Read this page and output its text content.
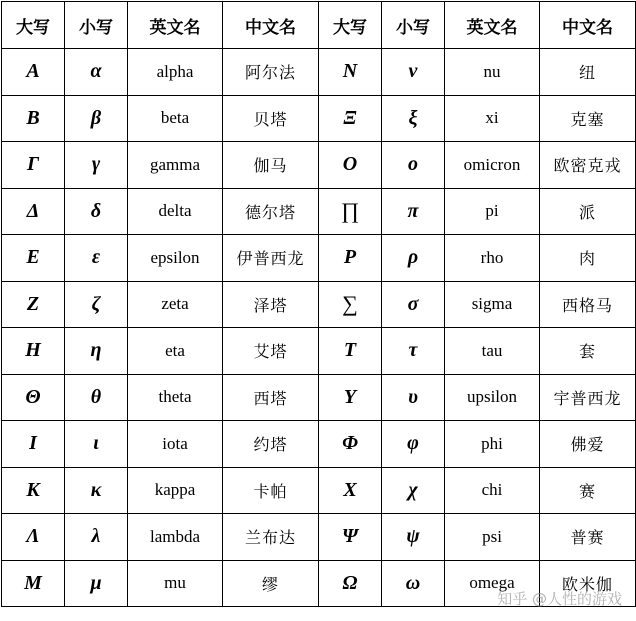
大写	小写	英文名	中文名	大写	小写	英文名	中文名
Α	α	alpha	阿尔法	Ν	ν	nu	纽
Β	β	beta	贝塔	Ξ	ξ	xi	克塞
Γ	γ	gamma	伽马	Ο	ο	omicron	欧密克戎
Δ	δ	delta	德尔塔	∏	π	pi	派
Ε	ε	epsilon	伊普西龙	Ρ	ρ	rho	肉
Ζ	ζ	zeta	泽塔	∑	σ	sigma	西格马
Η	η	eta	艾塔	Τ	τ	tau	套
Θ	θ	theta	西塔	Υ	υ	upsilon	宇普西龙
Ι	ι	iota	约塔	Φ	φ	phi	佛爱
Κ	κ	kappa	卡帕	Χ	χ	chi	赛
Λ	λ	lambda	兰布达	Ψ	ψ	psi	普赛
Μ	μ	mu	缪	Ω	ω	omega	欧米伽
知乎 @人性的游戏
